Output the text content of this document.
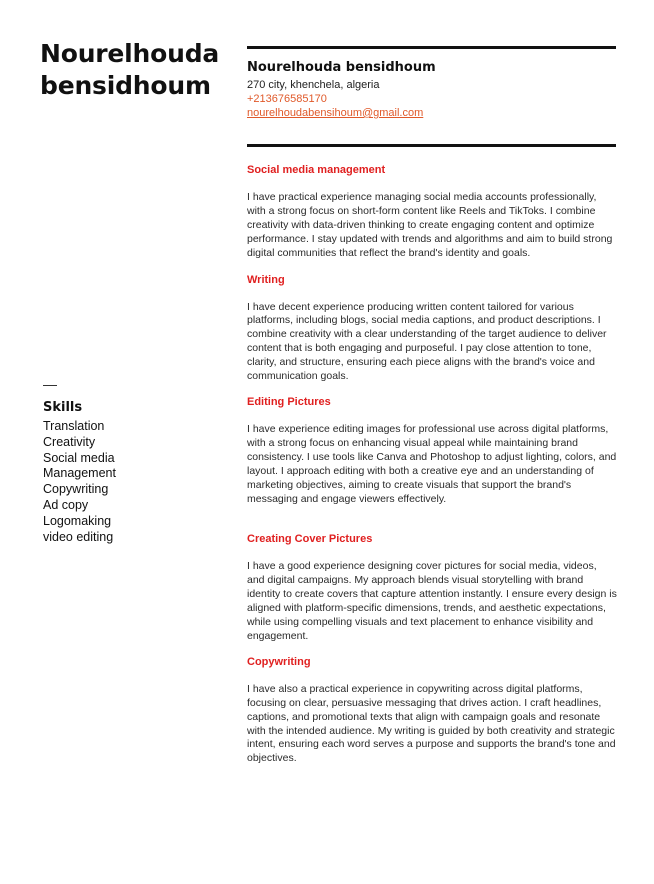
Nourelhouda
bensidhoum
Nourelhouda bensidhoum
270 city, khenchela, algeria
+213676585170
nourelhoudabensihoum@gmail.com
Skills
Translation
Creativity
Social media
Management
Copywriting
Ad copy
Logomaking
video editing
Social media management

I have practical experience managing social media accounts professionally, with a strong focus on short-form content like Reels and TikToks. I combine creativity with data-driven thinking to create engaging content and optimize performance. I stay updated with trends and algorithms and aim to build strong digital communities that reflect the brand's identity and goals.

Writing

I have decent experience producing written content tailored for various platforms, including blogs, social media captions, and product descriptions. I combine creativity with a clear understanding of the target audience to deliver content that is both engaging and purposeful. I pay close attention to tone, clarity, and structure, ensuring each piece aligns with the brand's voice and communication goals.

Editing Pictures

I have experience editing images for professional use across digital platforms, with a strong focus on enhancing visual appeal while maintaining brand consistency. I use tools like Canva and Photoshop to adjust lighting, colors, and layout. I approach editing with both a creative eye and an understanding of marketing objectives, aiming to create visuals that support the brand's messaging and engage viewers effectively.

Creating Cover Pictures

I have a good experience designing cover pictures for social media, videos, and digital campaigns. My approach blends visual storytelling with brand identity to create covers that capture attention instantly. I ensure every design is aligned with platform-specific dimensions, trends, and aesthetic expectations, while using compelling visuals and text placement to enhance visibility and engagement.

Copywriting

I have also a practical experience in copywriting across digital platforms, focusing on clear, persuasive messaging that drives action. I craft headlines, captions, and promotional texts that align with campaign goals and resonate with the intended audience. My writing is guided by both creativity and strategic intent, ensuring each word serves a purpose and supports the brand's tone and objectives.
